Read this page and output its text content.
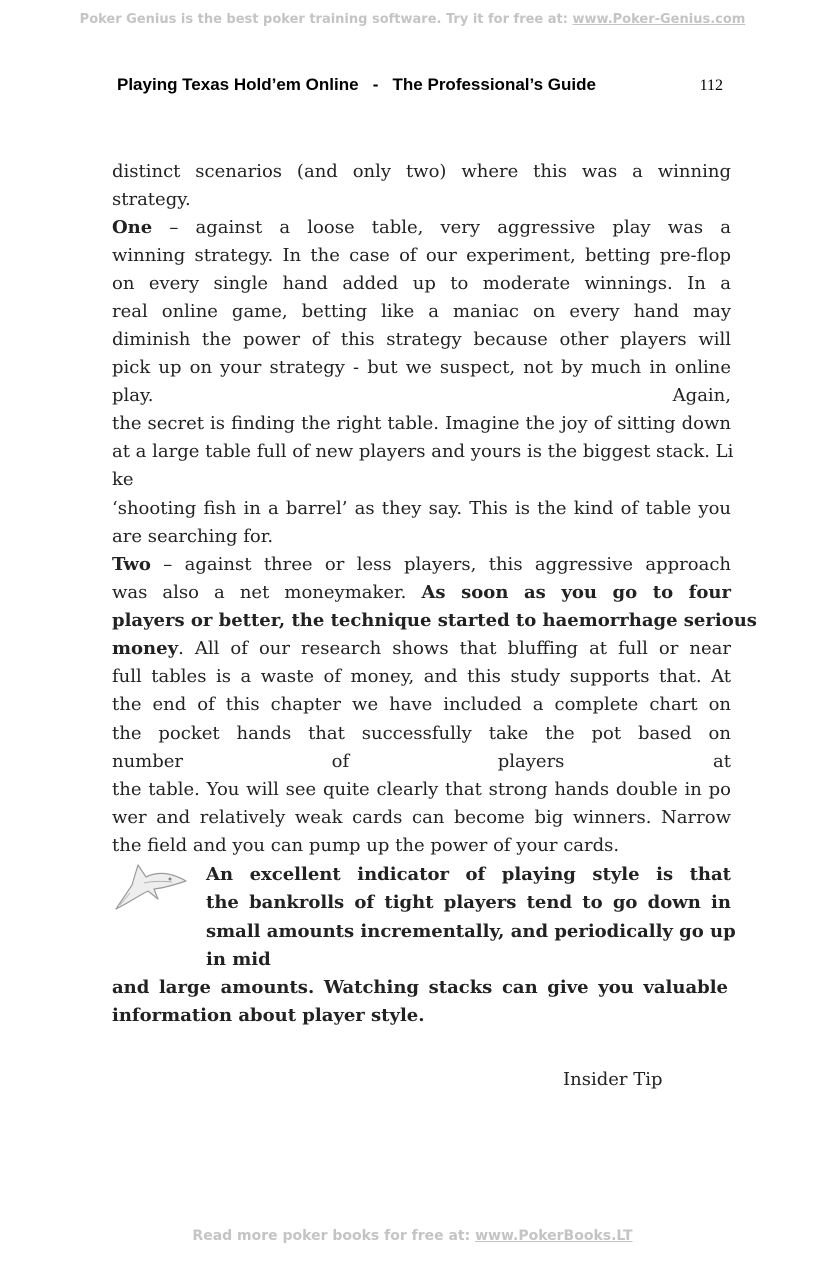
Poker Genius is the best poker training software. Try it for free at: www.Poker-Genius.com
Playing Texas Hold’em Online   -   The Professional’s Guide	112
distinct scenarios (and only two) where this was a winning
strategy.
One – against a loose table, very aggressive play was a
winning strategy. In the case of our experiment, betting pre-flop
on every single hand added up to moderate winnings. In a
real online game, betting like a maniac on every hand may
diminish the power of this strategy because other players will
pick up on your strategy - but we suspect, not by much in online
play.	Again,
the secret is finding the right table. Imagine the joy of sitting down
at a large table full of new players and yours is the biggest stack. Li
ke
‘shooting fish in a barrel’ as they say. This is the kind of table you
are searching for.
Two – against three or less players, this aggressive approach
was also a net moneymaker. As soon as you go to four
players or better, the technique started to haemorrhage serious
money. All of our research shows that bluffing at full or near
full tables is a waste of money, and this study supports that. At
the end of this chapter we have included a complete chart on
the pocket hands that successfully take the pot based on
number of players at
the table. You will see quite clearly that strong hands double in po
wer and relatively weak cards can become big winners. Narrow
the field and you can pump up the power of your cards.
An excellent indicator of playing style is that
the bankrolls of tight players tend to go down in
small amounts incrementally, and periodically go up
in mid
and large amounts. Watching stacks can give you valuable
information about player style.
Insider Tip
Read more poker books for free at: www.PokerBooks.LT
